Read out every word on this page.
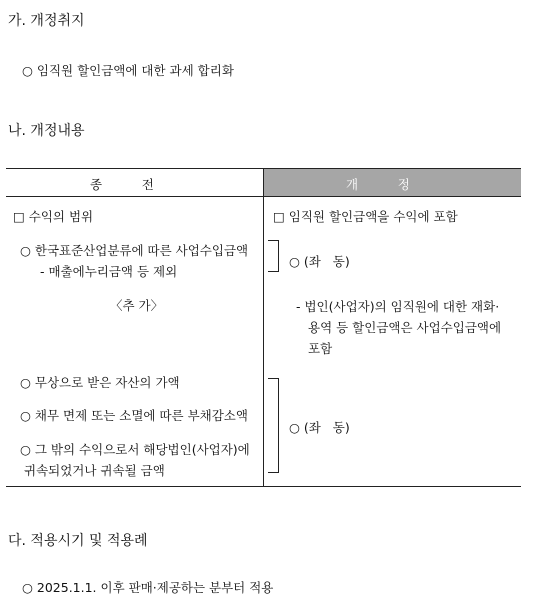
가. 개정취지
○ 임직원 할인금액에 대한 과세 합리화
나. 개정내용
종          전	개          정
□ 수익의 범위
○ 한국표준산업분류에 따른 사업수입금액
- 매출에누리금액 등 제외
〈추 가〉
○ 무상으로 받은 자산의 가액
○ 채무 면제 또는 소멸에 따른 부채감소액
○ 그 밖의 수익으로서 해당법인(사업자)에
귀속되었거나 귀속될 금액
□ 임직원 할인금액을 수익에 포함
○ (좌   동)
- 법인(사업자)의 임직원에 대한 재화·
용역 등 할인금액은 사업수입금액에
포함
○ (좌   동)
다. 적용시기 및 적용례
○ 2025.1.1. 이후 판매·제공하는 분부터 적용
